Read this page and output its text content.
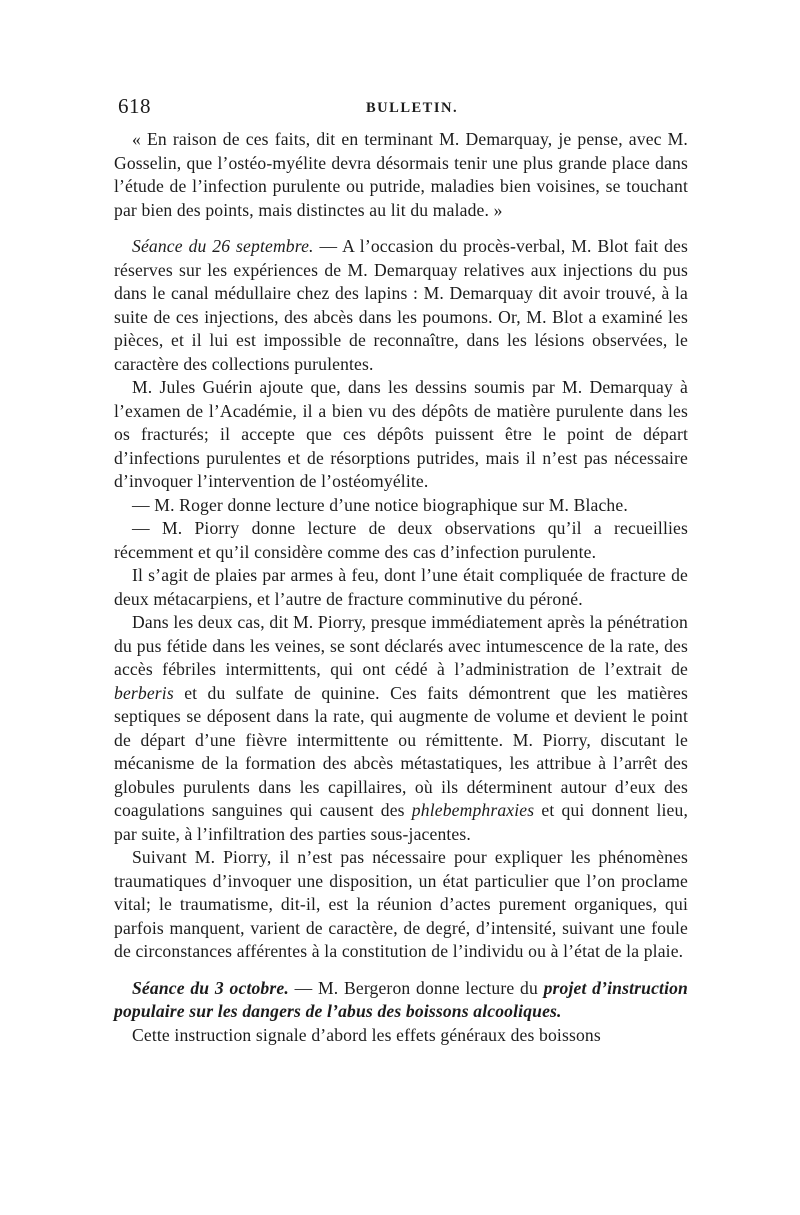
618	BULLETIN.

« En raison de ces faits, dit en terminant M. Demarquay, je pense, avec M. Gosselin, que l’ostéo-myélite devra désormais tenir une plus grande place dans l’étude de l’infection purulente ou putride, maladies bien voisines, se touchant par bien des points, mais distinctes au lit du malade. »

Séance du 26 septembre. — A l’occasion du procès-verbal, M. Blot fait des réserves sur les expériences de M. Demarquay relatives aux injections du pus dans le canal médullaire chez des lapins : M. Demarquay dit avoir trouvé, à la suite de ces injections, des abcès dans les poumons. Or, M. Blot a examiné les pièces, et il lui est impossible de reconnaître, dans les lésions observées, le caractère des collections purulentes.

M. Jules Guérin ajoute que, dans les dessins soumis par M. Demarquay à l’examen de l’Académie, il a bien vu des dépôts de matière purulente dans les os fracturés; il accepte que ces dépôts puissent être le point de départ d’infections purulentes et de résorptions putrides, mais il n’est pas nécessaire d’invoquer l’intervention de l’ostéomyélite.

— M. Roger donne lecture d’une notice biographique sur M. Blache.

— M. Piorry donne lecture de deux observations qu’il a recueillies récemment et qu’il considère comme des cas d’infection purulente.

Il s’agit de plaies par armes à feu, dont l’une était compliquée de fracture de deux métacarpiens, et l’autre de fracture comminutive du péroné.

Dans les deux cas, dit M. Piorry, presque immédiatement après la pénétration du pus fétide dans les veines, se sont déclarés avec intumescence de la rate, des accès fébriles intermittents, qui ont cédé à l’administration de l’extrait de berberis et du sulfate de quinine. Ces faits démontrent que les matières septiques se déposent dans la rate, qui augmente de volume et devient le point de départ d’une fièvre intermittente ou rémittente. M. Piorry, discutant le mécanisme de la formation des abcès métastatiques, les attribue à l’arrêt des globules purulents dans les capillaires, où ils déterminent autour d’eux des coagulations sanguines qui causent des phlebemphraxies et qui donnent lieu, par suite, à l’infiltration des parties sous-jacentes.

Suivant M. Piorry, il n’est pas nécessaire pour expliquer les phénomènes traumatiques d’invoquer une disposition, un état particulier que l’on proclame vital; le traumatisme, dit-il, est la réunion d’actes purement organiques, qui parfois manquent, varient de caractère, de degré, d’intensité, suivant une foule de circonstances afférentes à la constitution de l’individu ou à l’état de la plaie.

Séance du 3 octobre. — M. Bergeron donne lecture du projet d’instruction populaire sur les dangers de l’abus des boissons alcooliques.

Cette instruction signale d’abord les effets généraux des boissons
